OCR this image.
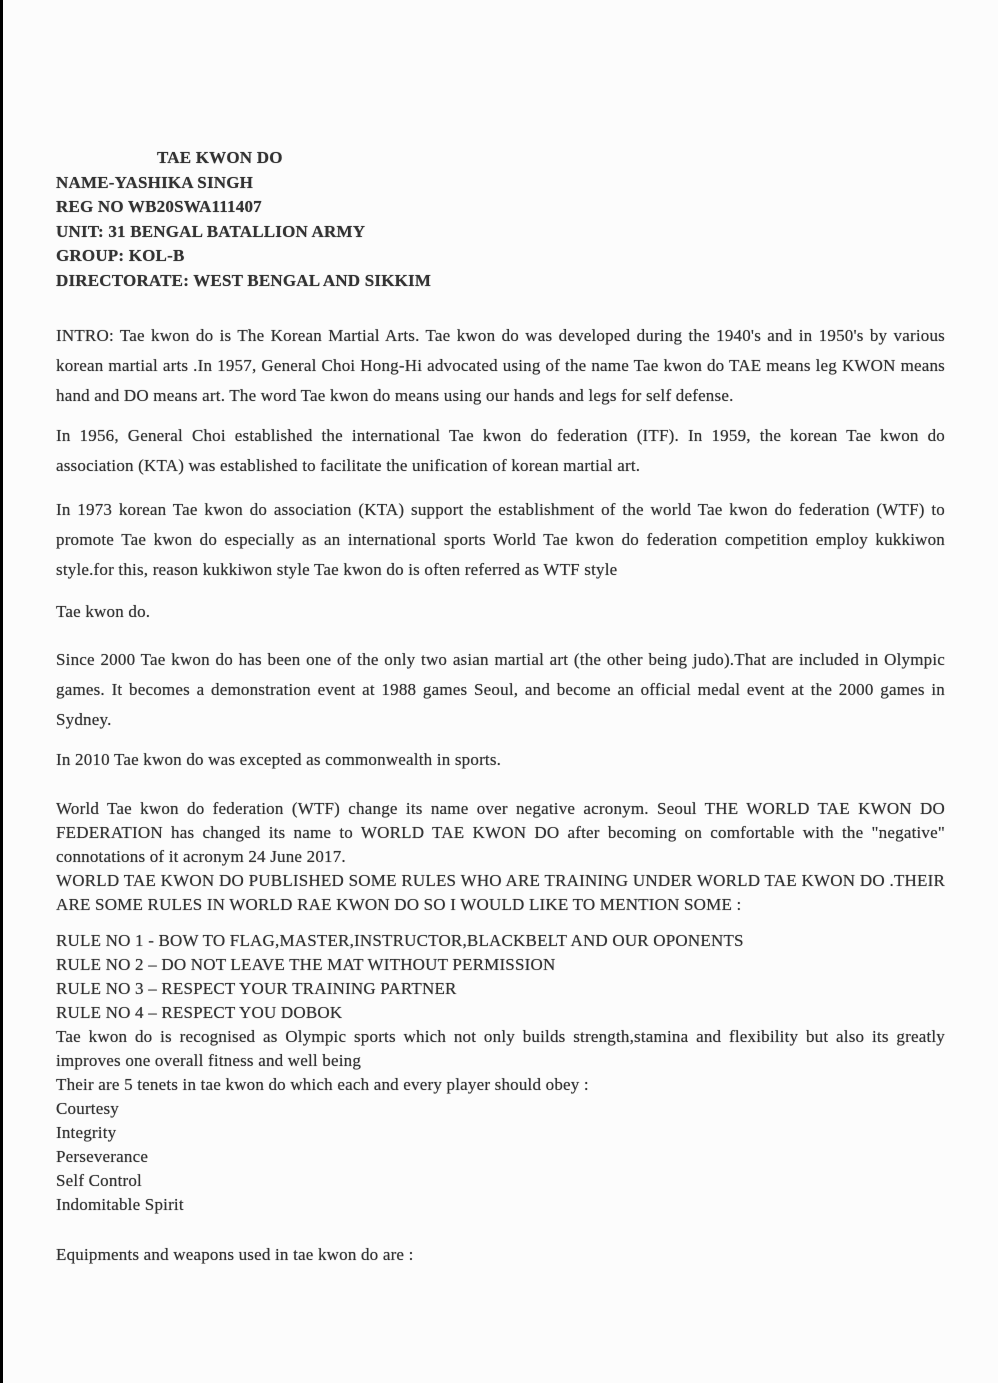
TAE KWON DO
NAME-YASHIKA SINGH
REG NO WB20SWA111407
UNIT: 31 BENGAL BATALLION ARMY
GROUP: KOL-B
DIRECTORATE: WEST BENGAL AND SIKKIM

INTRO: Tae kwon do is The Korean Martial Arts. Tae kwon do was developed during the 1940's and in 1950's by various korean martial arts .In 1957, General Choi Hong-Hi advocated using of the name Tae kwon do TAE means leg KWON means hand and DO means art. The word Tae kwon do means using our hands and legs for self defense.

In 1956, General Choi established the international Tae kwon do federation (ITF). In 1959, the korean Tae kwon do association (KTA) was established to facilitate the unification of korean martial art.

In 1973 korean Tae kwon do association (KTA) support the establishment of the world Tae kwon do federation (WTF) to promote Tae kwon do especially as an international sports World Tae kwon do federation competition employ kukkiwon style.for this, reason kukkiwon style Tae kwon do is often referred as WTF style

Tae kwon do.

Since 2000 Tae kwon do has been one of the only two asian martial art (the other being judo).That are included in Olympic games. It becomes a demonstration event at 1988 games Seoul, and become an official medal event at the 2000 games in Sydney.

In 2010 Tae kwon do was excepted as commonwealth in sports.

World Tae kwon do federation (WTF) change its name over negative acronym. Seoul THE WORLD TAE KWON DO FEDERATION has changed its name to WORLD TAE KWON DO after becoming on comfortable with the "negative" connotations of it acronym 24 June 2017.

WORLD TAE KWON DO PUBLISHED SOME RULES WHO ARE TRAINING UNDER WORLD TAE KWON DO .THEIR ARE SOME RULES IN WORLD RAE KWON DO SO I WOULD LIKE TO MENTION SOME :

RULE NO 1 - BOW TO FLAG,MASTER,INSTRUCTOR,BLACKBELT AND OUR OPONENTS
RULE NO 2 – DO NOT LEAVE THE MAT WITHOUT PERMISSION
RULE NO 3 – RESPECT YOUR TRAINING PARTNER
RULE NO 4 – RESPECT YOU DOBOK

Tae kwon do is recognised as Olympic sports which not only builds strength,stamina and flexibility but also its greatly improves one overall fitness and well being

Their are 5 tenets in tae kwon do which each and every player should obey :
Courtesy
Integrity
Perseverance
Self Control
Indomitable Spirit
Equipments and weapons used in tae kwon do are :
